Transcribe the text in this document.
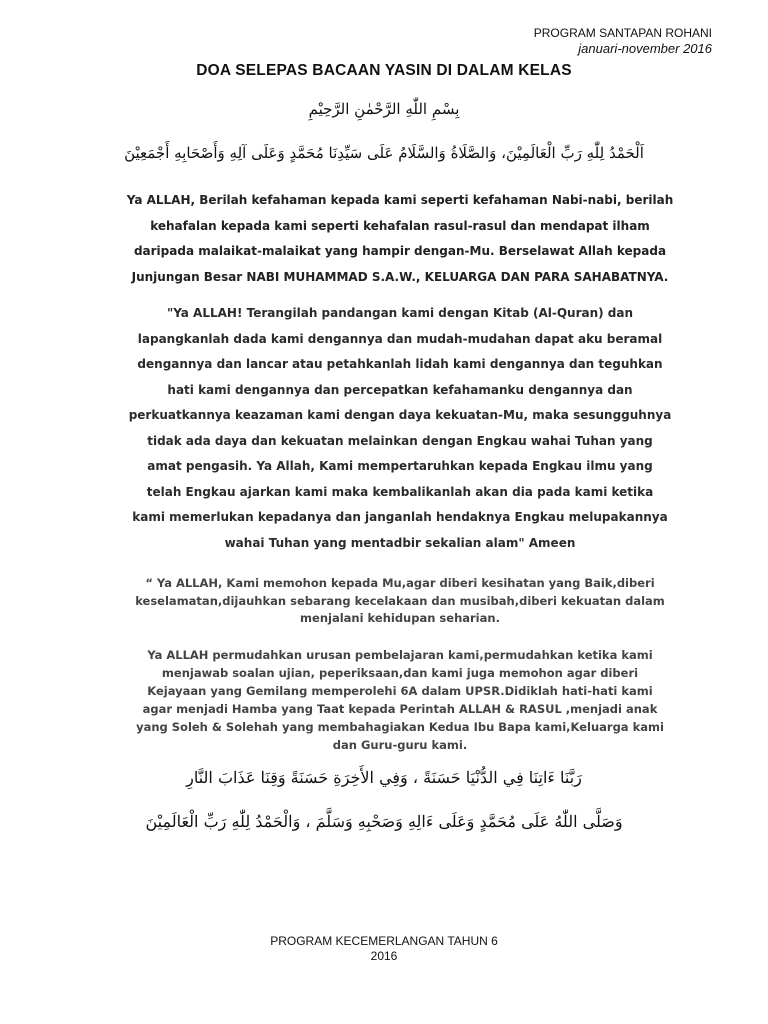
PROGRAM SANTAPAN ROHANI
januari-november 2016
DOA SELEPAS BACAAN YASIN DI DALAM KELAS
بِسْمِ اللّٰهِ الرَّحْمٰنِ الرَّحِيْمِ
اَلْحَمْدُ لِلّٰهِ رَبِّ الْعَالَمِيْنَ، وَالصَّلَاةُ وَالسَّلَامُ عَلَى سَيِّدِنَا مُحَمَّدٍ وَعَلَى آلِهِ وَأَصْحَابِهِ أَجْمَعِيْنَ
Ya ALLAH, Berilah kefahaman kepada kami seperti kefahaman Nabi-nabi, berilah
kehafalan kepada kami seperti kehafalan rasul-rasul dan mendapat ilham
daripada malaikat-malaikat yang hampir dengan-Mu. Berselawat Allah kepada
Junjungan Besar NABI MUHAMMAD S.A.W., KELUARGA DAN PARA SAHABATNYA.
"Ya ALLAH! Terangilah pandangan kami dengan Kitab (Al-Quran) dan
lapangkanlah dada kami dengannya dan mudah-mudahan dapat aku beramal
dengannya dan lancar atau petahkanlah lidah kami dengannya dan teguhkan
hati kami dengannya dan percepatkan kefahamanku dengannya dan
perkuatkannya keazaman kami dengan daya kekuatan-Mu, maka sesungguhnya
tidak ada daya dan kekuatan melainkan dengan Engkau wahai Tuhan yang
amat pengasih. Ya Allah, Kami mempertaruhkan kepada Engkau ilmu yang
telah Engkau ajarkan kami maka kembalikanlah akan dia pada kami ketika
kami memerlukan kepadanya dan janganlah hendaknya Engkau melupakannya
wahai Tuhan yang mentadbir sekalian alam" Ameen
“ Ya ALLAH, Kami memohon kepada Mu,agar diberi kesihatan yang Baik,diberi
keselamatan,dijauhkan sebarang kecelakaan dan musibah,diberi kekuatan dalam
menjalani kehidupan seharian.
Ya ALLAH permudahkan urusan pembelajaran kami,permudahkan ketika kami
menjawab soalan ujian, peperiksaan,dan kami juga memohon agar diberi
Kejayaan yang Gemilang memperolehi 6A dalam UPSR.Didiklah hati-hati kami
agar menjadi Hamba yang Taat kepada Perintah ALLAH & RASUL ,menjadi anak
yang Soleh & Solehah yang membahagiakan Kedua Ibu Bapa kami,Keluarga kami
dan Guru-guru kami.
رَبَّنَا ءَاتِنَا فِي الدُّنْيَا حَسَنَةً ، وَفِي الأَخِرَةِ حَسَنَةً وَقِنَا عَذَابَ النَّارِ
وَصَلَّى اللّٰهُ عَلَى مُحَمَّدٍ وَعَلَى ءَالِهِ وَصَحْبِهِ وَسَلَّمَ ، وَالْحَمْدُ لِلّٰهِ رَبِّ الْعَالَمِيْنَ
PROGRAM KECEMERLANGAN TAHUN 6
2016
